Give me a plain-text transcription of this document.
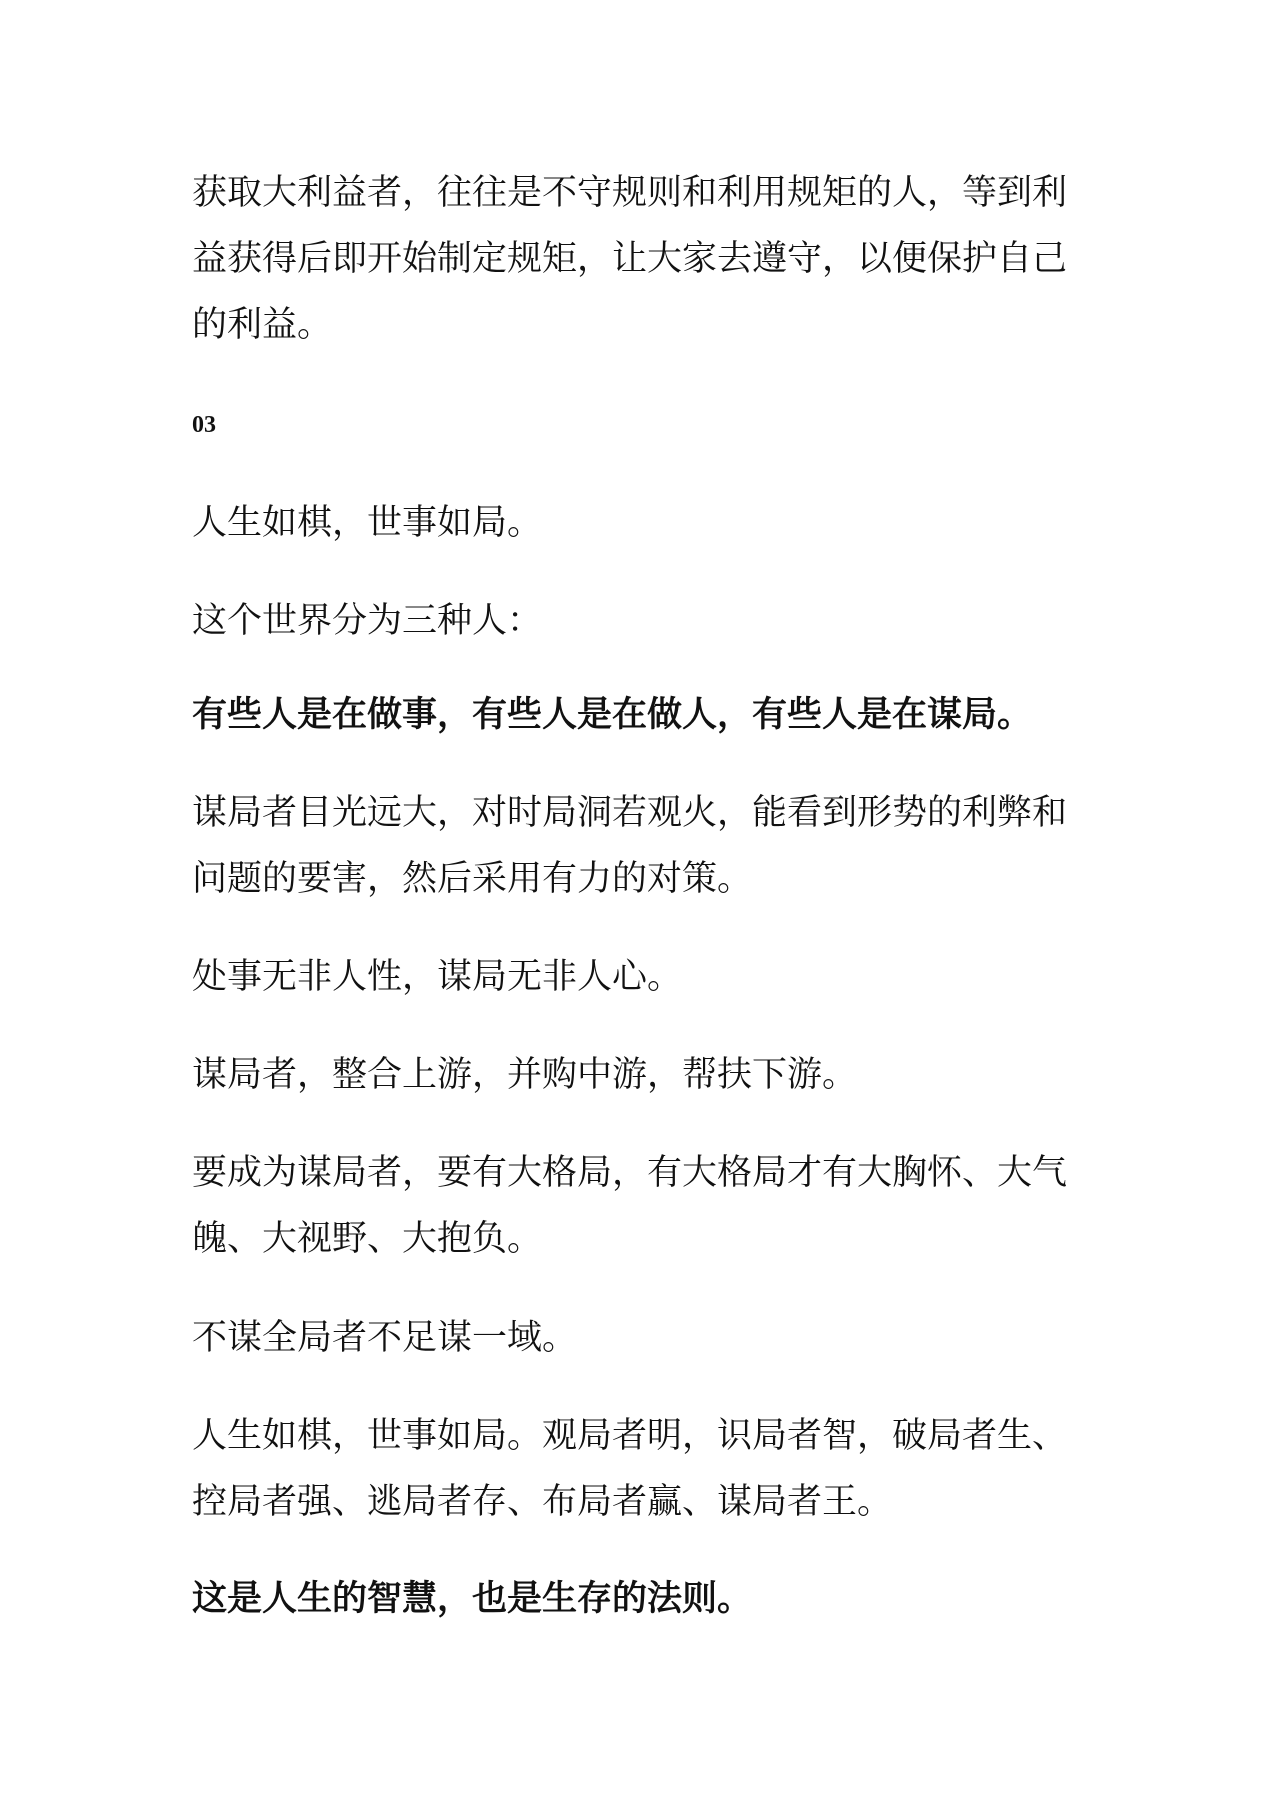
获取大利益者，往往是不守规则和利用规矩的人，等到利益获得后即开始制定规矩，让大家去遵守，以便保护自己的利益。

03

人生如棋，世事如局。

这个世界分为三种人：

有些人是在做事，有些人是在做人，有些人是在谋局。

谋局者目光远大，对时局洞若观火，能看到形势的利弊和问题的要害，然后采用有力的对策。

处事无非人性，谋局无非人心。

谋局者，整合上游，并购中游，帮扶下游。

要成为谋局者，要有大格局，有大格局才有大胸怀、大气魄、大视野、大抱负。

不谋全局者不足谋一域。

人生如棋，世事如局。观局者明，识局者智，破局者生、控局者强、逃局者存、布局者赢、谋局者王。

这是人生的智慧，也是生存的法则。
